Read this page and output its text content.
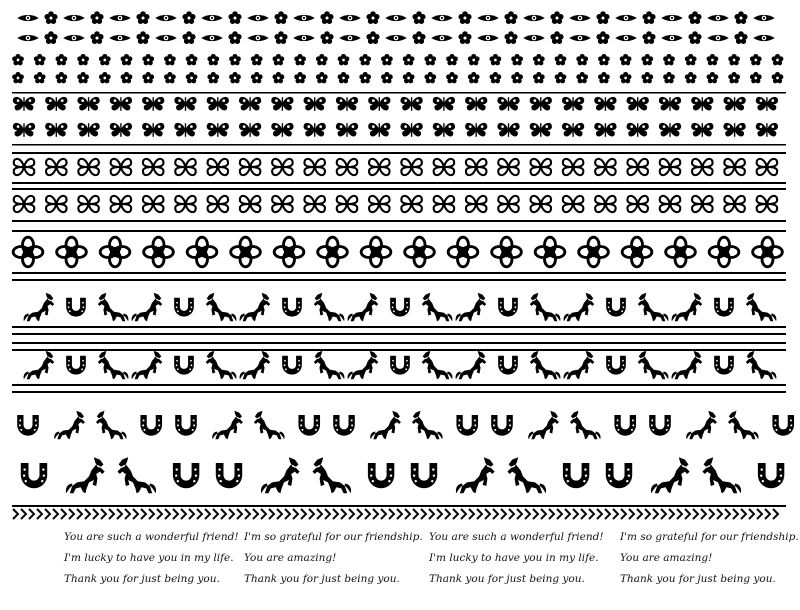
You are such a wonderful friend!
I'm lucky to have you in my life.
Thank you for just being you.
I'm so grateful for our friendship.
You are amazing!
Thank you for just being you.
You are such a wonderful friend!
I'm lucky to have you in my life.
Thank you for just being you.
I'm so grateful for our friendship.
You are amazing!
Thank you for just being you.
